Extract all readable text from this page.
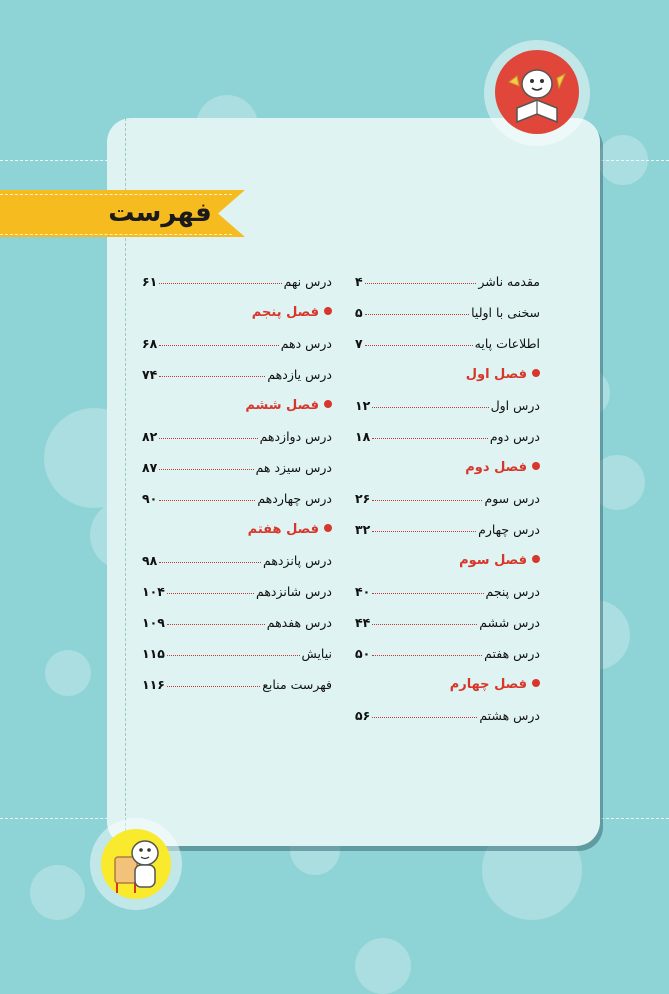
فهرست
مقدمه ناشر
۴
سخنی با اولیا
۵
اطلاعات پایه
۷
فصل اول
درس اول
۱۲
درس دوم
۱۸
فصل دوم
درس سوم
۲۶
درس چهارم
۳۲
فصل سوم
درس پنجم
۴۰
درس ششم
۴۴
درس هفتم
۵۰
فصل چهارم
درس هشتم
۵۶
درس نهم
۶۱
فصل پنجم
درس دهم
۶۸
درس یازدهم
۷۴
فصل ششم
درس دوازدهم
۸۲
درس سیزد هم
۸۷
درس چهاردهم
۹۰
فصل هفتم
درس پانزدهم
۹۸
درس شانزدهم
۱۰۴
درس هفدهم
۱۰۹
نیایش
۱۱۵
فهرست منابع
۱۱۶
